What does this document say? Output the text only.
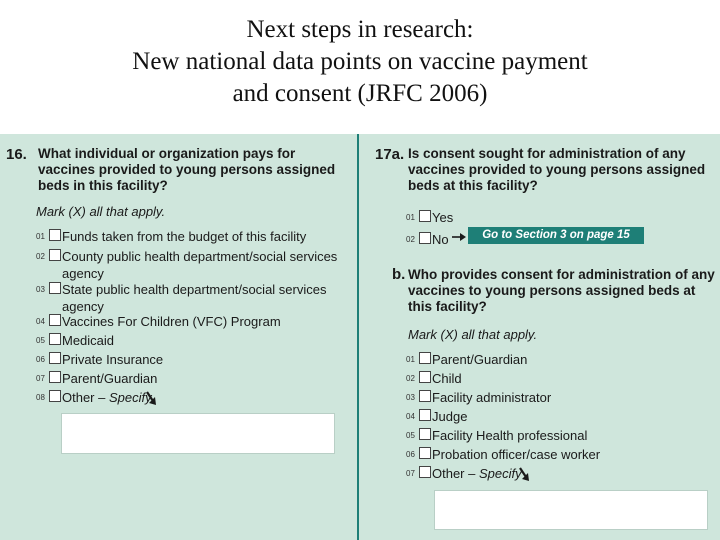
Next steps in research:
New national data points on vaccine payment
and consent (JRFC 2006)
16. What individual or organization pays for
vaccines provided to young persons assigned
beds in this facility?
Mark (X) all that apply.
01	Funds taken from the budget of this facility
02	County public health department/social services
agency
03	State public health department/social services
agency
04	Vaccines For Children (VFC) Program
05	Medicaid
06	Private Insurance
07	Parent/Guardian
08	Other – Specify
17a. Is consent sought for administration of any
vaccines provided to young persons assigned
beds at this facility?
01	Yes
02	No	Go to Section 3 on page 15
b. Who provides consent for administration of any
vaccines to young persons assigned beds at
this facility?
Mark (X) all that apply.
01	Parent/Guardian
02	Child
03	Facility administrator
04	Judge
05	Facility Health professional
06	Probation officer/case worker
07	Other – Specify
